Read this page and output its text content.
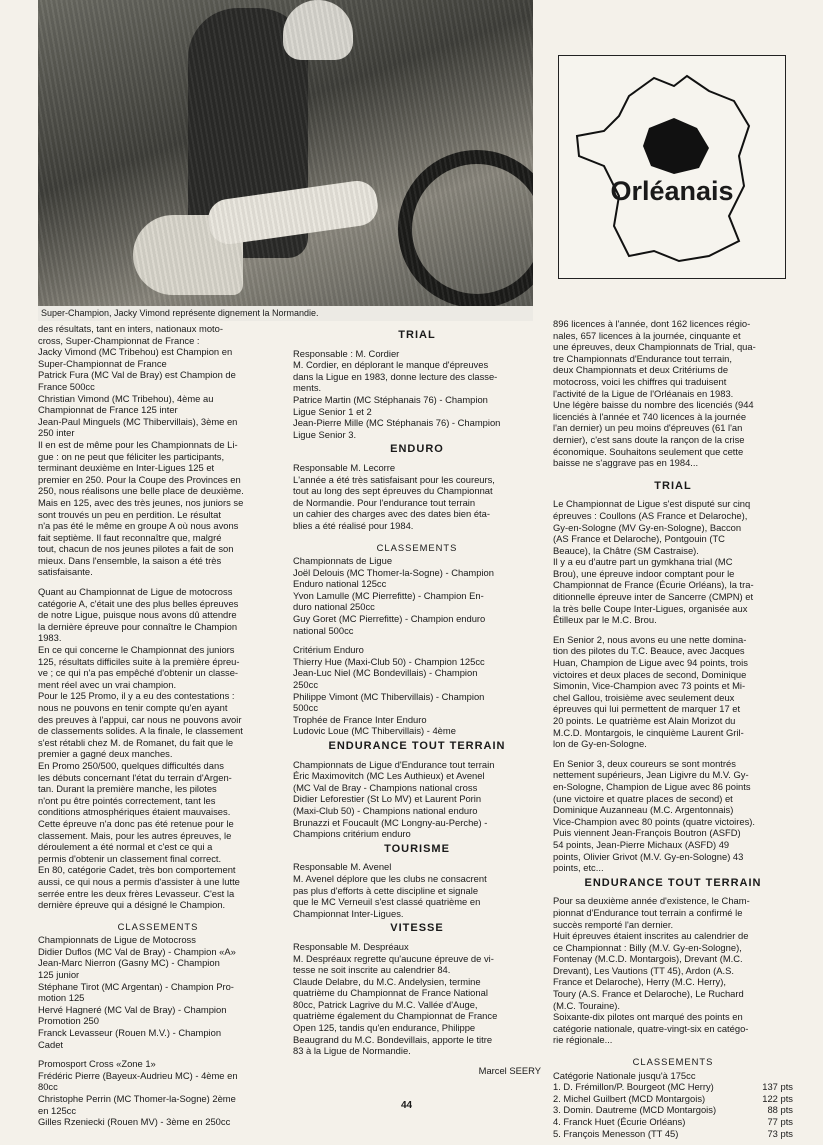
Super-Champion, Jacky Vimond représente dignement la Normandie.
Orléanais

des résultats, tant en inters, nationaux moto-

cross, Super-Championnat de France :

Jacky Vimond (MC Tribehou) est Champion en

Super-Championnat de France

Patrick Fura (MC Val de Bray) est Champion de

France 500cc

Christian Vimond (MC Tribehou), 4ème au

Championnat de France 125 inter

Jean-Paul Minguels (MC Thibervillais), 3ème en

250 inter

Il en est de même pour les Championnats de Li-

gue : on ne peut que féliciter les participants,

terminant deuxième en Inter-Ligues 125 et

premier en 250. Pour la Coupe des Provinces en

250, nous réalisons une belle place de deuxième.

Mais en 125, avec des très jeunes, nos juniors se

sont trouvés un peu en perdition. Le résultat

n'a pas été le même en groupe A où nous avons

fait septième. Il faut reconnaître que, malgré

tout, chacun de nos jeunes pilotes a fait de son

mieux. Dans l'ensemble, la saison a été très

satisfaisante.

Quant au Championnat de Ligue de motocross

catégorie A, c'était une des plus belles épreuves

de notre Ligue, puisque nous avons dû attendre

la dernière épreuve pour connaître le Champion

1983.

En ce qui concerne le Championnat des juniors

125, résultats difficiles suite à la première épreu-

ve ; ce qui n'a pas empêché d'obtenir un classe-

ment réel avec un vrai champion.

Pour le 125 Promo, il y a eu des contestations :

nous ne pouvons en tenir compte qu'en ayant

des preuves à l'appui, car nous ne pouvons avoir

de classements solides. A la finale, le classement

s'est rétabli chez M. de Romanet, du fait que le

premier a gagné deux manches.

En Promo 250/500, quelques difficultés dans

les débuts concernant l'état du terrain d'Argen-

tan. Durant la première manche, les pilotes

n'ont pu être pointés correctement, tant les

conditions atmosphériques étaient mauvaises.

Cette épreuve n'a donc pas été retenue pour le

classement. Mais, pour les autres épreuves, le

déroulement a été normal et c'est ce qui a

permis d'obtenir un classement final correct.

En 80, catégorie Cadet, très bon comportement

aussi, ce qui nous a permis d'assister à une lutte

serrée entre les deux frères Levasseur. C'est la

dernière épreuve qui a désigné le Champion.

CLASSEMENTS

Championnats de Ligue de Motocross

Didier Duflos (MC Val de Bray) - Champion «A»

Jean-Marc Nierron (Gasny MC) - Champion

125 junior

Stéphane Tirot (MC Argentan) - Champion Pro-

motion 125

Hervé Hagneré (MC Val de Bray) - Champion

Promotion 250

Franck Levasseur (Rouen M.V.) - Champion

Cadet

Promosport Cross «Zone 1»

Frédéric Pierre (Bayeux-Audrieu MC) - 4ème en

80cc

Christophe Perrin (MC Thomer-la-Sogne) 2ème

en 125cc

Gilles Rzeniecki (Rouen MV) - 3ème en 250cc

TRIAL

Responsable : M. Cordier

M. Cordier, en déplorant le manque d'épreuves

dans la Ligue en 1983, donne lecture des classe-

ments.

Patrice Martin (MC Stéphanais 76) - Champion

Ligue Senior 1 et 2

Jean-Pierre Mille (MC Stéphanais 76) - Champion

Ligue Senior 3.

ENDURO

Responsable M. Lecorre

L'année a été très satisfaisant pour les coureurs,

tout au long des sept épreuves du Championnat

de Normandie. Pour l'endurance tout terrain

un cahier des charges avec des dates bien éta-

blies a été réalisé pour 1984.

CLASSEMENTS

Championnats de Ligue

Joël Delouis (MC Thomer-la-Sogne) - Champion

Enduro national 125cc

Yvon Lamulle (MC Pierrefitte) - Champion En-

duro national 250cc

Guy Goret (MC Pierrefitte) - Champion enduro

national 500cc

Critérium Enduro

Thierry Hue (Maxi-Club 50) - Champion 125cc

Jean-Luc Niel (MC Bondevillais) - Champion

250cc

Philippe Vimont (MC Thibervillais) - Champion

500cc

Trophée de France Inter Enduro

Ludovic Loue (MC Thibervillais) - 4ème

ENDURANCE TOUT TERRAIN

Championnats de Ligue d'Endurance tout terrain

Éric Maximovitch (MC Les Authieux) et Avenel

(MC Val de Bray - Champions national cross

Didier Leforestier (St Lo MV) et Laurent Porin

(Maxi-Club 50) - Champions national enduro

Brunazzi et Foucault (MC Longny-au-Perche) -

Champions critérium enduro

TOURISME

Responsable M. Avenel

M. Avenel déplore que les clubs ne consacrent

pas plus d'efforts à cette discipline et signale

que le MC Verneuil s'est classé quatrième en

Championnat Inter-Ligues.

VITESSE

Responsable M. Despréaux

M. Despréaux regrette qu'aucune épreuve de vi-

tesse ne soit inscrite au calendrier 84.

Claude Delabre, du M.C. Andelysien, termine

quatrième du Championnat de France National

80cc, Patrick Lagrive du M.C. Vallée d'Auge,

quatrième également du Championnat de France

Open 125, tandis qu'en endurance, Philippe

Beaugrand du M.C. Bondevillais, apporte le titre

83 à la Ligue de Normandie.

Marcel SEERY

896 licences à l'année, dont 162 licences régio-

nales, 657 licences à la journée, cinquante et

une épreuves, deux Championnats de Trial, qua-

tre Championnats d'Endurance tout terrain,

deux Championnats et deux Critériums de

motocross, voici les chiffres qui traduisent

l'activité de la Ligue de l'Orléanais en 1983.

Une légère baisse du nombre des licenciés (944

licenciés à l'année et 740 licences à la journée

l'an dernier) un peu moins d'épreuves (61 l'an

dernier), c'est sans doute la rançon de la crise

économique. Souhaitons seulement que cette

baisse ne s'aggrave pas en 1984...

TRIAL

Le Championnat de Ligue s'est disputé sur cinq

épreuves : Coullons (AS France et Delaroche),

Gy-en-Sologne (MV Gy-en-Sologne), Baccon

(AS France et Delaroche), Pontgouin (TC

Beauce), la Châtre (SM Castraise).

Il y a eu d'autre part un gymkhana trial (MC

Brou), une épreuve indoor comptant pour le

Championnat de France (Écurie Orléans), la tra-

ditionnelle épreuve inter de Sancerre (CMPN) et

la très belle Coupe Inter-Ligues, organisée aux

Étilleux par le M.C. Brou.

En Senior 2, nous avons eu une nette domina-

tion des pilotes du T.C. Beauce, avec Jacques

Huan, Champion de Ligue avec 94 points, trois

victoires et deux places de second, Dominique

Simonin, Vice-Champion avec 73 points et Mi-

chel Gallou, troisième avec seulement deux

épreuves qui lui permettent de marquer 17 et

20 points. Le quatrième est Alain Morizot du

M.C.D. Montargois, le cinquième Laurent Gril-

lon de Gy-en-Sologne.

En Senior 3, deux coureurs se sont montrés

nettement supérieurs, Jean Ligivre du M.V. Gy-

en-Sologne, Champion de Ligue avec 86 points

(une victoire et quatre places de second) et

Dominique Auzanneau (M.C. Argentonnais)

Vice-Champion avec 80 points (quatre victoires).

Puis viennent Jean-François Boutron (ASFD)

54 points, Jean-Pierre Michaux (ASFD) 49

points, Olivier Grivot (M.V. Gy-en-Sologne) 43

points, etc...

ENDURANCE TOUT TERRAIN

Pour sa deuxième année d'existence, le Cham-

pionnat d'Endurance tout terrain a confirmé le

succès remporté l'an dernier.

Huit épreuves étaient inscrites au calendrier de

ce Championnat : Billy (M.V. Gy-en-Sologne),

Fontenay (M.C.D. Montargois), Drevant (M.C.

Drevant), Les Vautions (TT 45), Ardon (A.S.

France et Delaroche), Herry (M.C. Herry),

Toury (A.S. France et Delaroche), Le Ruchard

(M.C. Touraine).

Soixante-dix pilotes ont marqué des points en

catégorie nationale, quatre-vingt-six en catégo-

rie régionale...

CLASSEMENTS
Catégorie Nationale jusqu'à 175cc
1. D. Frémillon/P. Bourgeot (MC Herry)	137 pts
2. Michel Guilbert (MCD Montargois)	122 pts
3. Domin. Dautreme (MCD Montargois)	88 pts
4. Franck Huet (Écurie Orléans)	77 pts
5. François Menesson (TT 45)	73 pts
44
